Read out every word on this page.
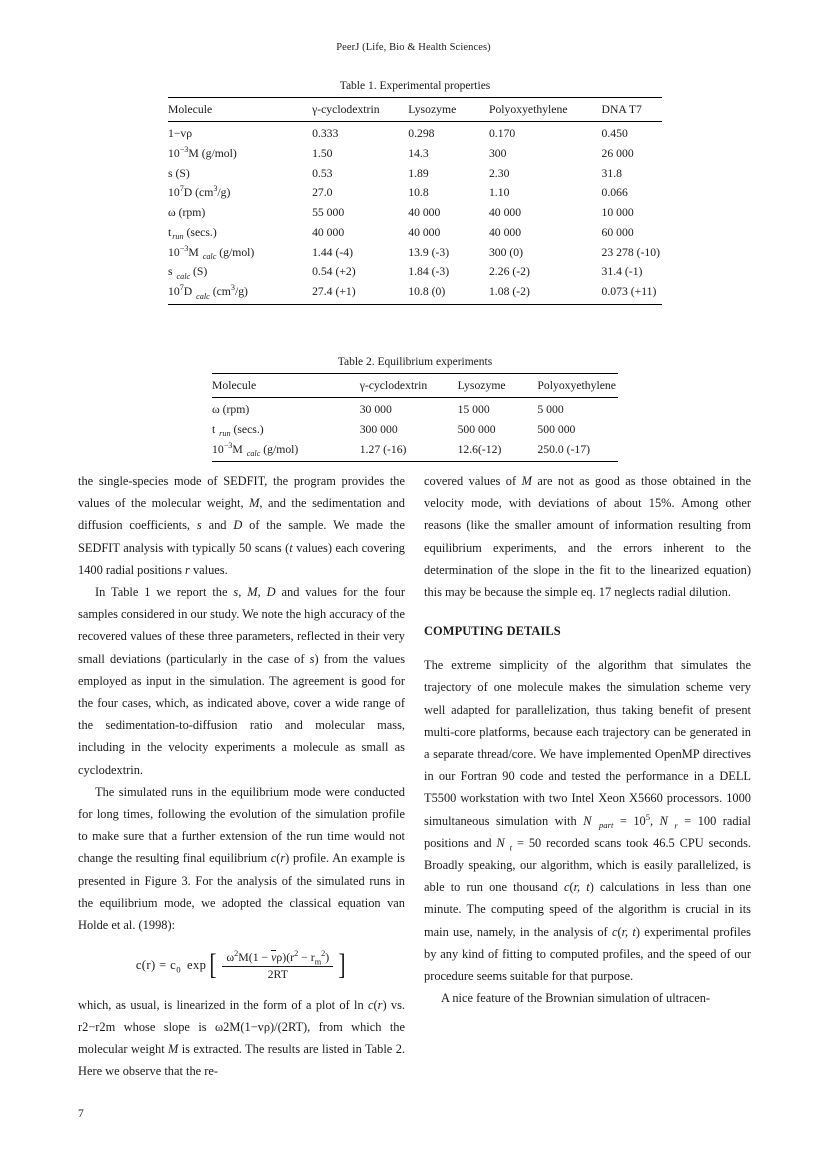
PeerJ (Life, Bio & Health Sciences)
Table 1. Experimental properties
Molecule	γ-cyclodextrin	Lysozyme	Polyoxyethylene	DNA T7
1−vρ	0.333	0.298	0.170	0.450
$10^{-3}M$ (g/mol)	1.50	14.3	300	26 000
s (S)	0.53	1.89	2.30	31.8
$10^7D$ $(cm^3/g)$	27.0	10.8	1.10	0.066
ω (rpm)	55 000	40 000	40 000	10 000
$t_{run}$ (secs.)	40 000	40 000	40 000	60 000
$10^{-3}M$ $_{calc}$ (g/mol)	1.44 (-4)	13.9 (-3)	300 (0)	23 278 (-10)
s $_{calc}$ (S)	0.54 (+2)	1.84 (-3)	2.26 (-2)	31.4 (-1)
$10^7D$ $_{calc}$ $(cm^3/g)$	27.4 (+1)	10.8 (0)	1.08 (-2)	0.073 (+11)
Table 2. Equilibrium experiments
Molecule	γ-cyclodextrin	Lysozyme	Polyoxyethylene
ω (rpm)	30 000	15 000	5 000
t $_{run}$ (secs.)	300 000	500 000	500 000
$10^{-3}M$ $_{calc}$ (g/mol)	1.27 (-16)	12.6(-12)	250.0 (-17)

the single-species mode of SEDFIT, the program provides the values of the molecular weight, M, and the sedimentation and diffusion coefficients, s and D of the sample. We made the SEDFIT analysis with typically 50 scans (t values) each covering 1400 radial positions r values.

In Table 1 we report the s, M, D and values for the four samples considered in our study. We note the high accuracy of the recovered values of these three parameters, reflected in their very small deviations (particularly in the case of s) from the values employed as input in the simulation. The agreement is good for the four cases, which, as indicated above, cover a wide range of the sedimentation-to-diffusion ratio and molecular mass, including in the velocity experiments a molecule as small as cyclodextrin.

The simulated runs in the equilibrium mode were conducted for long times, following the evolution of the simulation profile to make sure that a further extension of the run time would not change the resulting final equilibrium c(r) profile. An example is presented in Figure 3. For the analysis of the simulated runs in the equilibrium mode, we adopted the classical equation van Holde et al. (1998):

$c(r) = c_0$ exp [ $\frac{\omega^2M(1 - v\rho)(r^2 - r_m^2)}{2RT}$ ]

which, as usual, is linearized in the form of a plot of ln c(r) vs. r2−r2m whose slope is ω2M(1−vρ)/(2RT), from which the molecular weight M is extracted. The results are listed in Table 2. Here we observe that the re-

covered values of M are not as good as those obtained in the velocity mode, with deviations of about 15%. Among other reasons (like the smaller amount of information resulting from equilibrium experiments, and the errors inherent to the determination of the slope in the fit to the linearized equation) this may be because the simple eq. 17 neglects radial dilution.

COMPUTING DETAILS

The extreme simplicity of the algorithm that simulates the trajectory of one molecule makes the simulation scheme very well adapted for parallelization, thus taking benefit of present multi-core platforms, because each trajectory can be generated in a separate thread/core. We have implemented OpenMP directives in our Fortran 90 code and tested the performance in a DELL T5500 workstation with two Intel Xeon X5660 processors. 1000 simultaneous simulation with N $_{part} = 10^5$, N $_r$ = 100 radial positions and N $_t$ = 50 recorded scans took 46.5 CPU seconds. Broadly speaking, our algorithm, which is easily parallelized, is able to run one thousand c(r, t) calculations in less than one minute. The computing speed of the algorithm is crucial in its main use, namely, in the analysis of c(r, t) experimental profiles by any kind of fitting to computed profiles, and the speed of our procedure seems suitable for that purpose.

A nice feature of the Brownian simulation of ultracen-

7
